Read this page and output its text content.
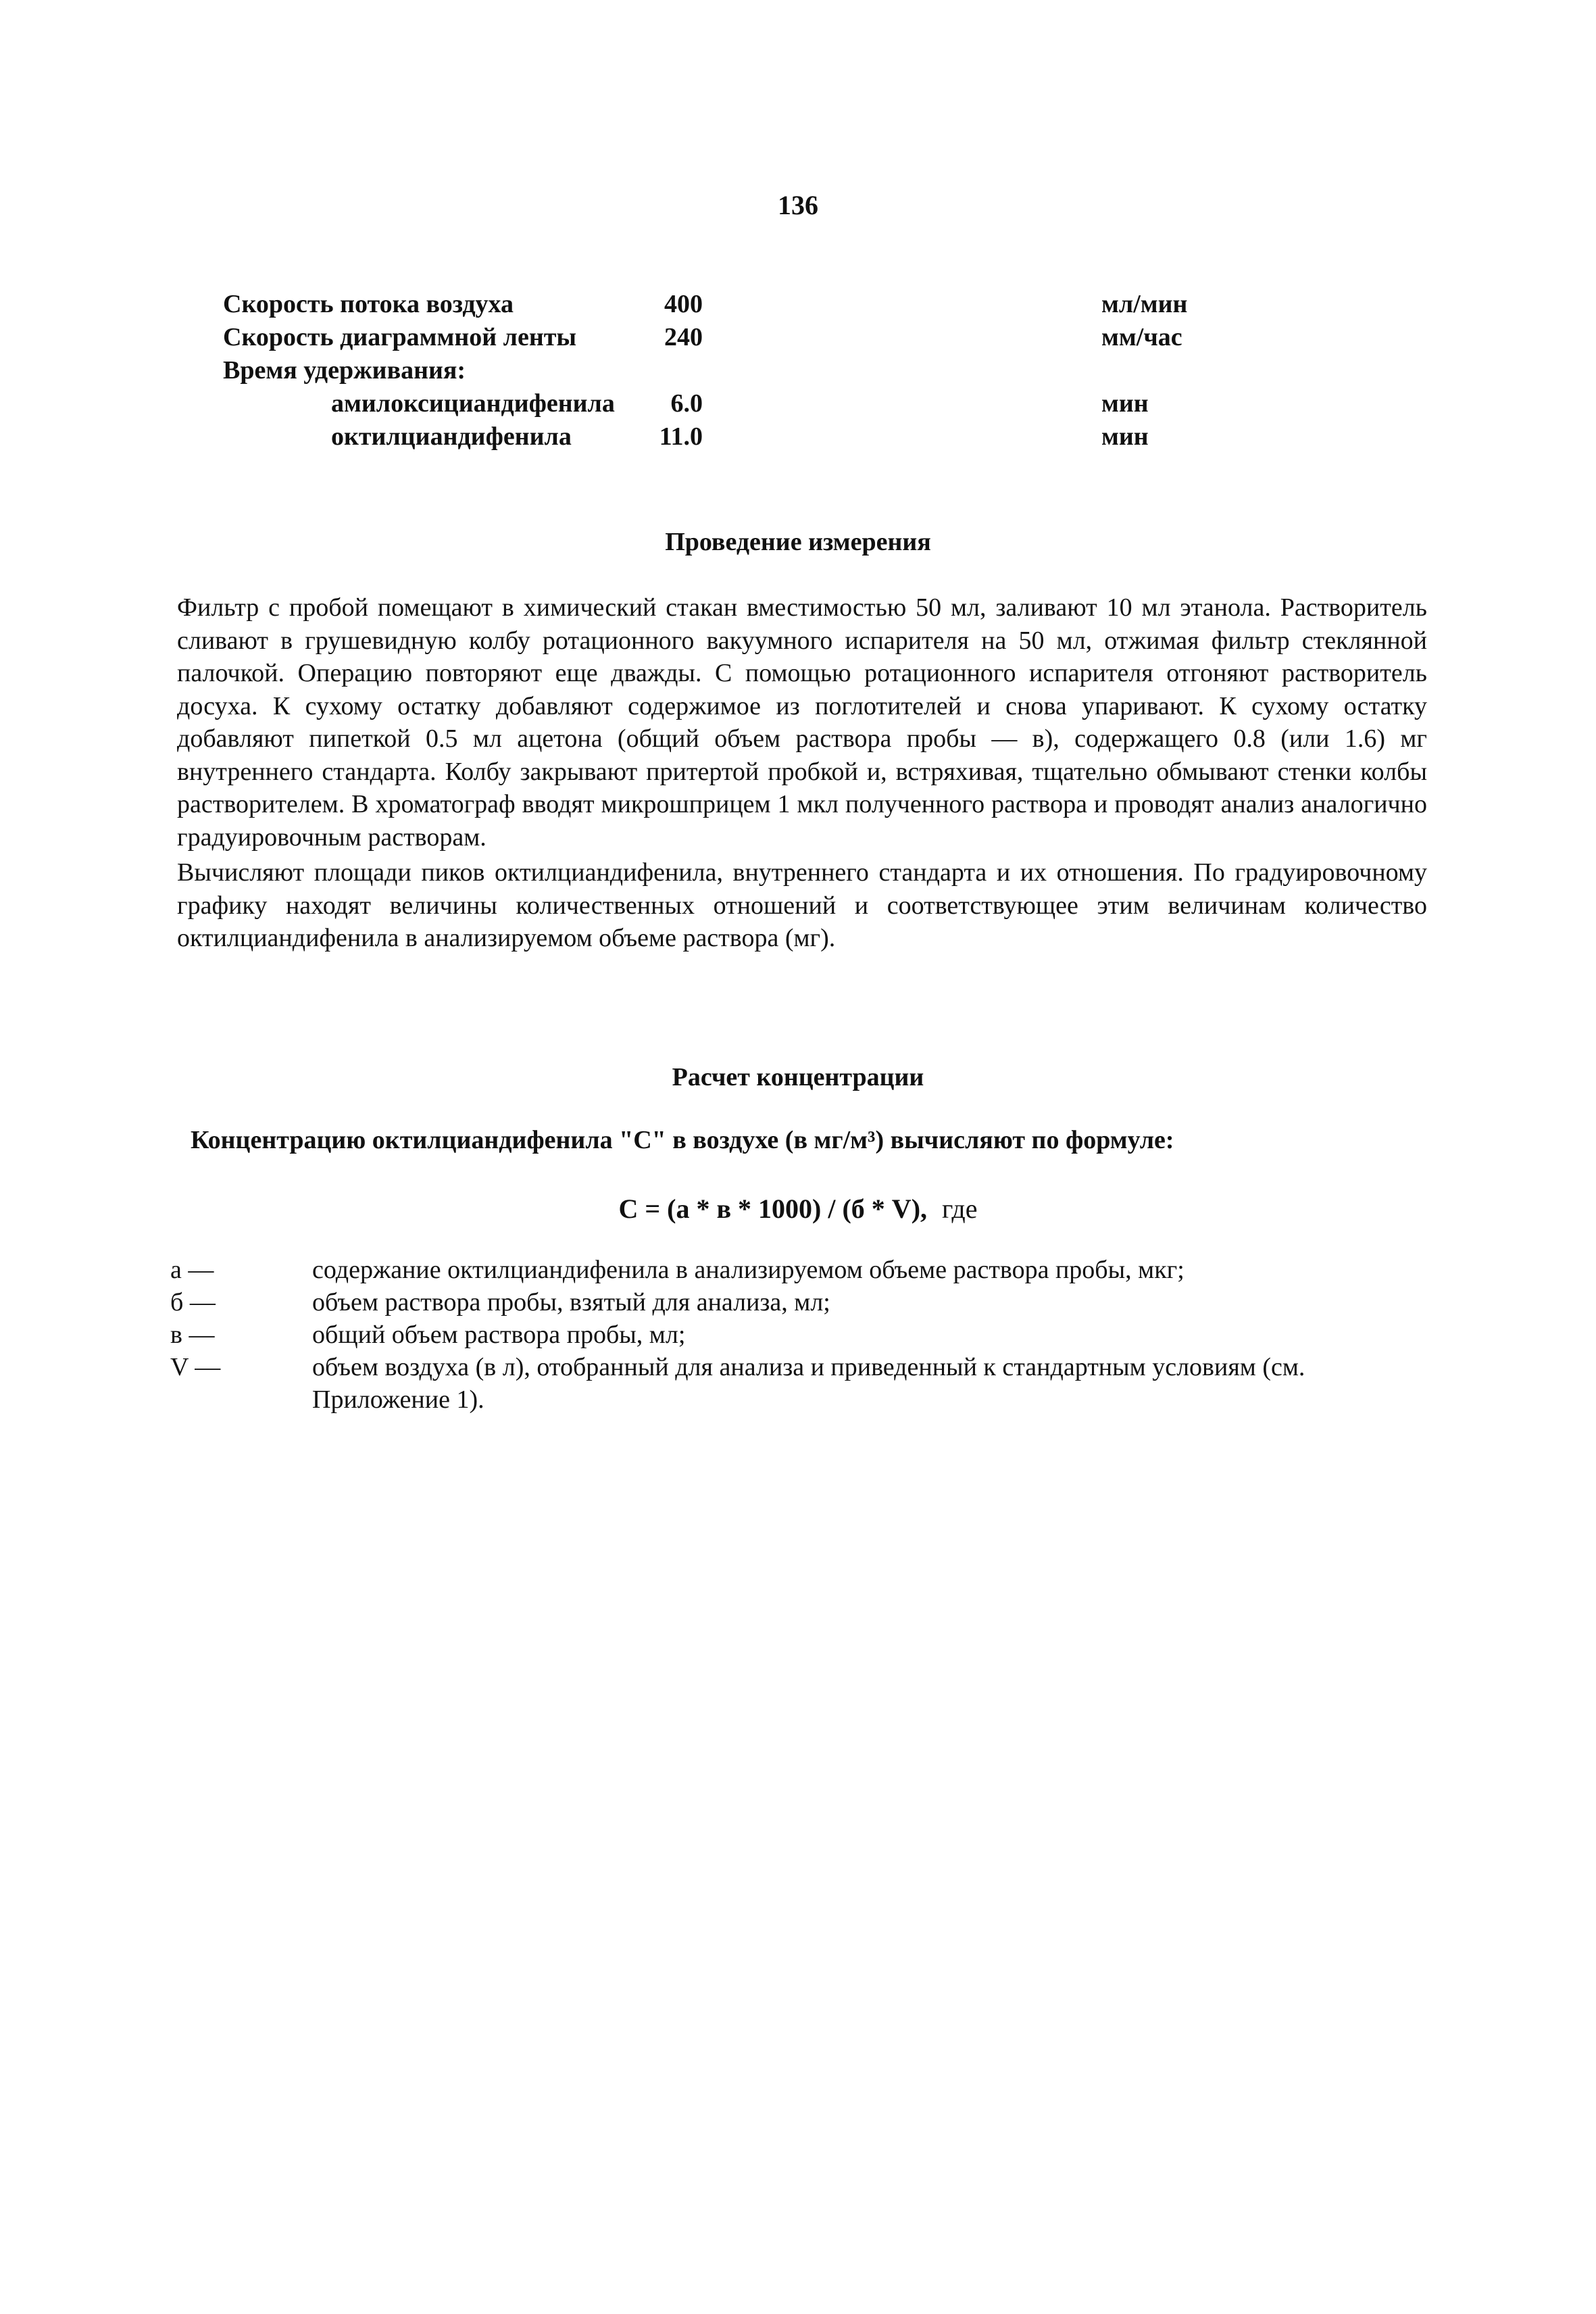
136
Скорость потока воздуха	400	мл/мин
Скорость диаграммной ленты	240	мм/час
Время удерживания:
амилоксициандифенила 6.0	мин
октилциандифенила	11.0	мин
Проведение измерения

Фильтр с пробой помещают в химический стакан вместимостью 50 мл, заливают 10 мл этанола. Растворитель сливают в грушевидную колбу ротационного вакуумного испарителя на 50 мл, отжимая фильтр стеклянной палочкой. Операцию повторяют еще дважды. С помощью ротационного испарителя отгоняют растворитель досуха. К сухому остатку добавляют содержимое из поглотителей и снова упаривают. К сухому остатку добавляют пипеткой 0.5 мл ацетона (общий объем раствора пробы — в), содержащего 0.8 (или 1.6) мг внутреннего стандарта. Колбу закрывают притертой пробкой и, встряхивая, тщательно обмывают стенки колбы растворителем. В хроматограф вводят микрошприцем 1 мкл полученного раствора и проводят анализ аналогично градуировочным растворам.

Вычисляют площади пиков октилциандифенила, внутреннего стандарта и их отношения. По градуировочному графику находят величины количественных отношений и соответствующее этим величинам количество октилциандифенила в анализируемом объеме раствора (мг).

Расчет концентрации
Концентрацию октилциандифенила "С" в воздухе (в мг/м³) вычисляют по формуле:
С = (а * в * 1000) / (б * V), где
а —	содержание октилциандифенила в анализируемом объеме раствора пробы, мкг;
б —	объем раствора пробы, взятый для анализа, мл;
в —	общий объем раствора пробы, мл;
V —	объем воздуха (в л), отобранный для анализа и приведенный к стандартным условиям (см. Приложение 1).
